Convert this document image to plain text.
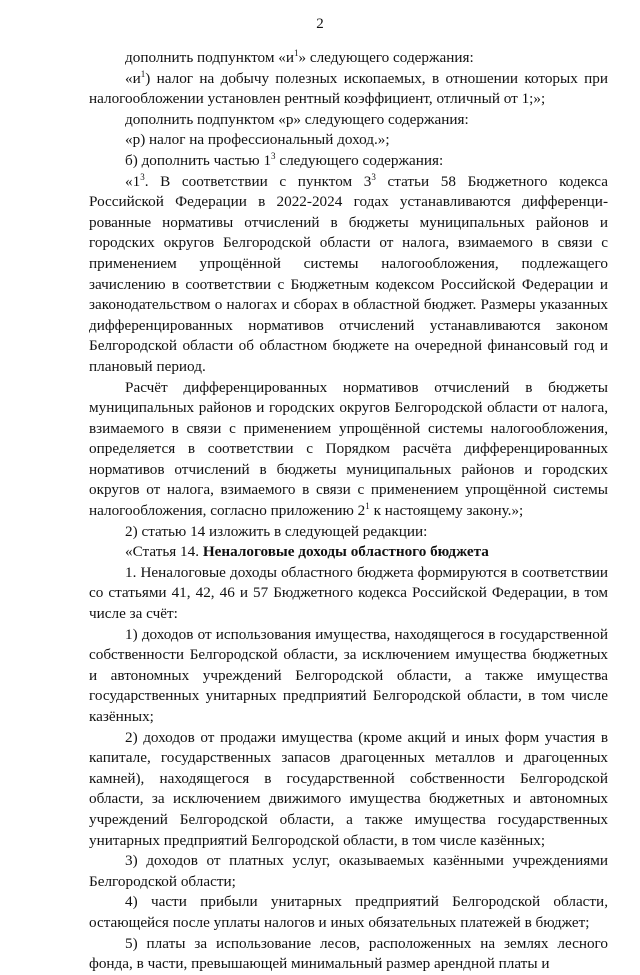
2

дополнить подпунктом «$и^1$» следующего содержания:

«$и^1$) налог на добычу полезных ископаемых, в отношении которых при налогообложении установлен рентный коэффициент, отличный от 1;»;

дополнить подпунктом «р» следующего содержания:

«р) налог на профессиональный доход.»;

б) дополнить частью $1^3$ следующего содержания:

«$1^3$. В соответствии с пунктом $3^3$ статьи 58 Бюджетного кодекса Российской Федерации в 2022-2024 годах устанавливаются дифференци-рованные нормативы отчислений в бюджеты муниципальных районов и городских округов Белгородской области от налога, взимаемого в связи с применением упрощённой системы налогообложения, подлежащего зачислению в соответствии с Бюджетным кодексом Российской Федерации и законодательством о налогах и сборах в областной бюджет. Размеры указанных дифференцированных нормативов отчислений устанавливаются законом Белгородской области об областном бюджете на очередной финансовый год и плановый период.

Расчёт дифференцированных нормативов отчислений в бюджеты муниципальных районов и городских округов Белгородской области от налога, взимаемого в связи с применением упрощённой системы налогообложения, определяется в соответствии с Порядком расчёта дифференцированных нормативов отчислений в бюджеты муниципальных районов и городских округов от налога, взимаемого в связи с применением упрощённой системы налогообложения, согласно приложению $2^1$ к настоящему закону.»;

2) статью 14 изложить в следующей редакции:

«Статья 14. Неналоговые доходы областного бюджета

1. Неналоговые доходы областного бюджета формируются в соответствии со статьями 41, 42, 46 и 57 Бюджетного кодекса Российской Федерации, в том числе за счёт:

1) доходов от использования имущества, находящегося в государственной собственности Белгородской области, за исключением имущества бюджетных и автономных учреждений Белгородской области, а также имущества государственных унитарных предприятий Белгородской области, в том числе казённых;

2) доходов от продажи имущества (кроме акций и иных форм участия в капитале, государственных запасов драгоценных металлов и драгоценных камней), находящегося в государственной собственности Белгородской области, за исключением движимого имущества бюджетных и автономных учреждений Белгородской области, а также имущества государственных унитарных предприятий Белгородской области, в том числе казённых;

3) доходов от платных услуг, оказываемых казёнными учреждениями Белгородской области;

4) части прибыли унитарных предприятий Белгородской области, остающейся после уплаты налогов и иных обязательных платежей в бюджет;

5) платы за использование лесов, расположенных на землях лесного фонда, в части, превышающей минимальный размер арендной платы и
